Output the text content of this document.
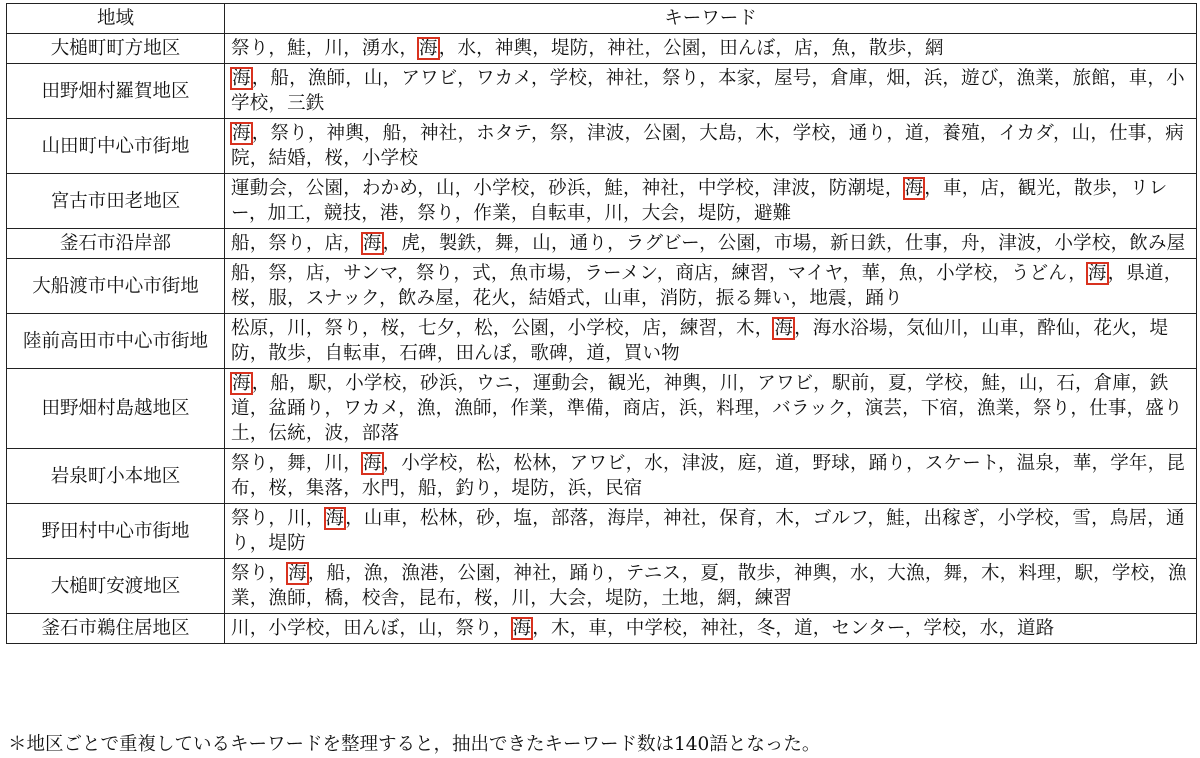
地域	キーワード
大槌町町方地区	祭り，鮭，川，湧水，海，水，神輿，堤防，神社，公園，田んぼ，店，魚，散歩，網
田野畑村羅賀地区	海，船，漁師，山，アワビ，ワカメ，学校，神社，祭り，本家，屋号，倉庫，畑，浜，遊び，漁業，旅館，車，小学校，三鉄
山田町中心市街地	海，祭り，神輿，船，神社，ホタテ，祭，津波，公園，大島，木，学校，通り，道，養殖，イカダ，山，仕事，病院，結婚，桜，小学校
宮古市田老地区	運動会，公園，わかめ，山，小学校，砂浜，鮭，神社，中学校，津波，防潮堤，海，車，店，観光，散歩，リレー，加工，競技，港，祭り，作業，自転車，川，大会，堤防，避難
釜石市沿岸部	船，祭り，店，海，虎，製鉄，舞，山，通り，ラグビー，公園，市場，新日鉄，仕事，舟，津波，小学校，飲み屋
大船渡市中心市街地	船，祭，店，サンマ，祭り，式，魚市場，ラーメン，商店，練習，マイヤ，華，魚，小学校，うどん，海，県道，桜，服，スナック，飲み屋，花火，結婚式，山車，消防，振る舞い，地震，踊り
陸前高田市中心市街地	松原，川，祭り，桜，七夕，松，公園，小学校，店，練習，木，海，海水浴場，気仙川，山車，酔仙，花火，堤防，散歩，自転車，石碑，田んぼ，歌碑，道，買い物
田野畑村島越地区	海，船，駅，小学校，砂浜，ウニ，運動会，観光，神輿，川，アワビ，駅前，夏，学校，鮭，山，石，倉庫，鉄道，盆踊り，ワカメ，漁，漁師，作業，準備，商店，浜，料理，バラック，演芸，下宿，漁業，祭り，仕事，盛り土，伝統，波，部落
岩泉町小本地区	祭り，舞，川，海，小学校，松，松林，アワビ，水，津波，庭，道，野球，踊り，スケート，温泉，華，学年，昆布，桜，集落，水門，船，釣り，堤防，浜，民宿
野田村中心市街地	祭り，川，海，山車，松林，砂，塩，部落，海岸，神社，保育，木，ゴルフ，鮭，出稼ぎ，小学校，雪，鳥居，通り，堤防
大槌町安渡地区	祭り，海，船，漁，漁港，公園，神社，踊り，テニス，夏，散歩，神輿，水，大漁，舞，木，料理，駅，学校，漁業，漁師，橋，校舎，昆布，桜，川，大会，堤防，土地，網，練習
釜石市鵜住居地区	川，小学校，田んぼ，山，祭り，海，木，車，中学校，神社，冬，道，センター，学校，水，道路
＊地区ごとで重複しているキーワードを整理すると，抽出できたキーワード数は140語となった。
